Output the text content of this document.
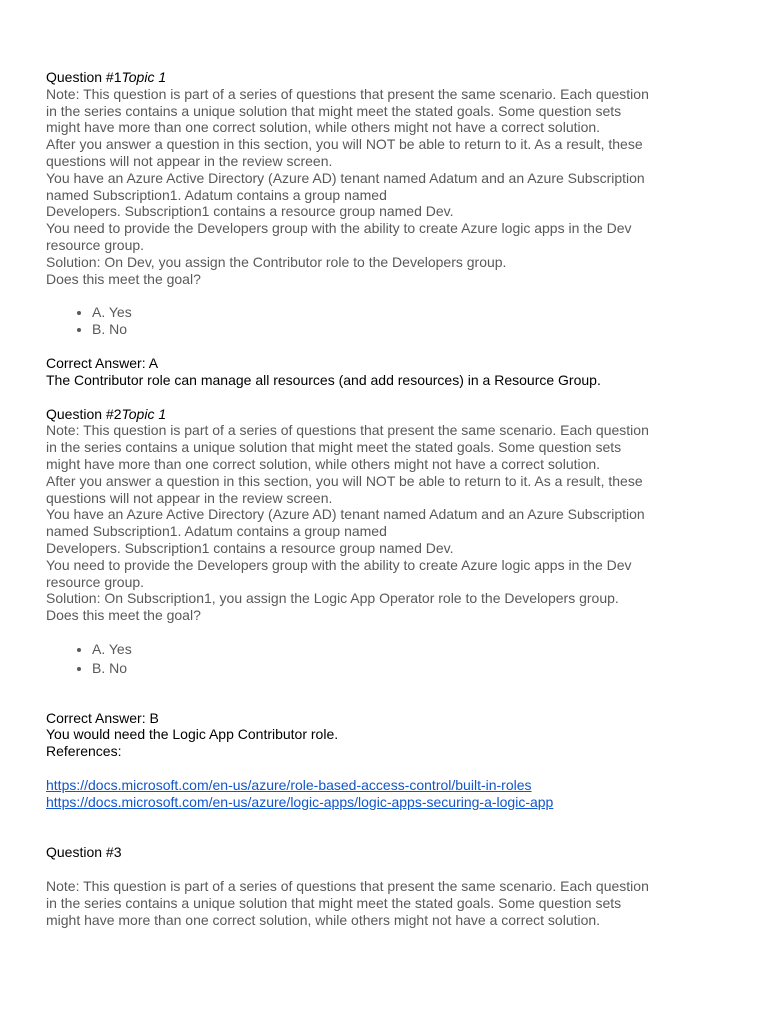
Question #1Topic 1
Note: This question is part of a series of questions that present the same scenario. Each question
in the series contains a unique solution that might meet the stated goals. Some question sets
might have more than one correct solution, while others might not have a correct solution.
After you answer a question in this section, you will NOT be able to return to it. As a result, these
questions will not appear in the review screen.
You have an Azure Active Directory (Azure AD) tenant named Adatum and an Azure Subscription
named Subscription1. Adatum contains a group named
Developers. Subscription1 contains a resource group named Dev.
You need to provide the Developers group with the ability to create Azure logic apps in the Dev
resource group.
Solution: On Dev, you assign the Contributor role to the Developers group.
Does this meet the goal?
• A. Yes
• B. No
Correct Answer: A
The Contributor role can manage all resources (and add resources) in a Resource Group.
Question #2Topic 1
Note: This question is part of a series of questions that present the same scenario. Each question
in the series contains a unique solution that might meet the stated goals. Some question sets
might have more than one correct solution, while others might not have a correct solution.
After you answer a question in this section, you will NOT be able to return to it. As a result, these
questions will not appear in the review screen.
You have an Azure Active Directory (Azure AD) tenant named Adatum and an Azure Subscription
named Subscription1. Adatum contains a group named
Developers. Subscription1 contains a resource group named Dev.
You need to provide the Developers group with the ability to create Azure logic apps in the Dev
resource group.
Solution: On Subscription1, you assign the Logic App Operator role to the Developers group.
Does this meet the goal?
• A. Yes
• B. No
Correct Answer: B
You would need the Logic App Contributor role.
References:
https://docs.microsoft.com/en-us/azure/role-based-access-control/built-in-roles
https://docs.microsoft.com/en-us/azure/logic-apps/logic-apps-securing-a-logic-app
Question #3
Note: This question is part of a series of questions that present the same scenario. Each question
in the series contains a unique solution that might meet the stated goals. Some question sets
might have more than one correct solution, while others might not have a correct solution.
